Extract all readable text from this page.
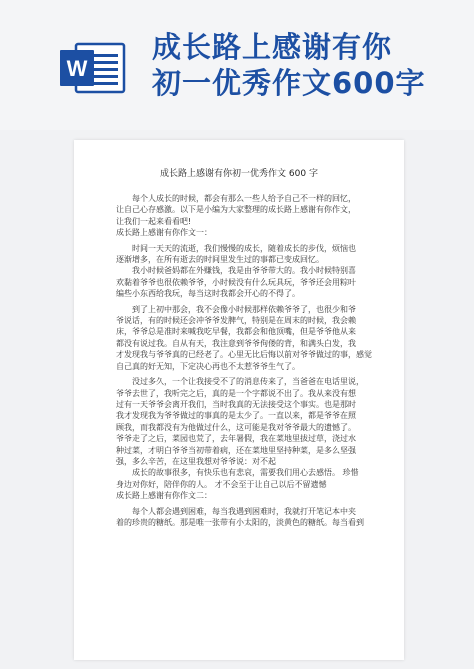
W
成长路上感谢有你
初一优秀作文600字
成长路上感谢有你初一优秀作文 600 字

每个人成长的时候，都会有那么一些人给予自己不一样的回忆，

让自己心存感激。以下是小编为大家整理的成长路上感谢有你作文，

让我们一起来看看吧!

成长路上感谢有你作文一：

时间一天天的流逝，我们慢慢的成长，随着成长的步伐，烦恼也

逐渐增多，在所有逝去的时间里发生过的事都已变成回忆。

我小时候爸妈都在外赚钱，我是由爷爷带大的。我小时候特别喜

欢黏着爷爷也很依赖爷爷，小时候没有什么玩具玩，爷爷还会用粽叶

编些小东西给我玩，每当这时我都会开心的不得了。

到了上初中那会，我不会像小时候那样依赖爷爷了，也很少和爷

爷说话，有的时候还会冲爷爷发脾气，特别是在周末的时候，我会赖

床，爷爷总是准时来喊我吃早餐，我都会和他顶嘴，但是爷爷他从来

都没有说过我。自从有天，我注意到爷爷佝偻的背，和满头白发，我

才发现我与爷爷真的已经老了。心里无比后悔以前对爷爷做过的事，感觉

自己真的好无知，下定决心再也不太惹爷爷生气了。

没过多久，一个让我接受不了的消息传来了，当爸爸在电话里说，

爷爷去世了，我听完之后，真的是一个字都说不出了。我从来没有想

过有一天爷爷会离开我们，当时我真的无法接受这个事实。也是那时

我才发现我为爷爷做过的事真的是太少了。一直以来，都是爷爷在照

顾我，而我都没有为他做过什么，这可能是我对爷爷最大的遗憾了。

爷爷走了之后，菜园也荒了，去年暑假，我在菜地里拔过草，浇过水

种过菜，才明白爷爷当初带着病，还在菜地里坚持种菜，是多么坚强

强，多么辛苦，在这里我想对爷爷说：对不起

成长的故事很多，有快乐也有悲哀，需要我们用心去感悟。 珍惜

身边对你好，陪伴你的人。 才不会至于让自己以后不留遗憾

成长路上感谢有你作文二：

每个人都会遇到困难，每当我遇到困难时，我就打开笔记本中夹

着的珍贵的糖纸。那是唯一张带有小太阳的，淡黄色的糖纸。每当看到
